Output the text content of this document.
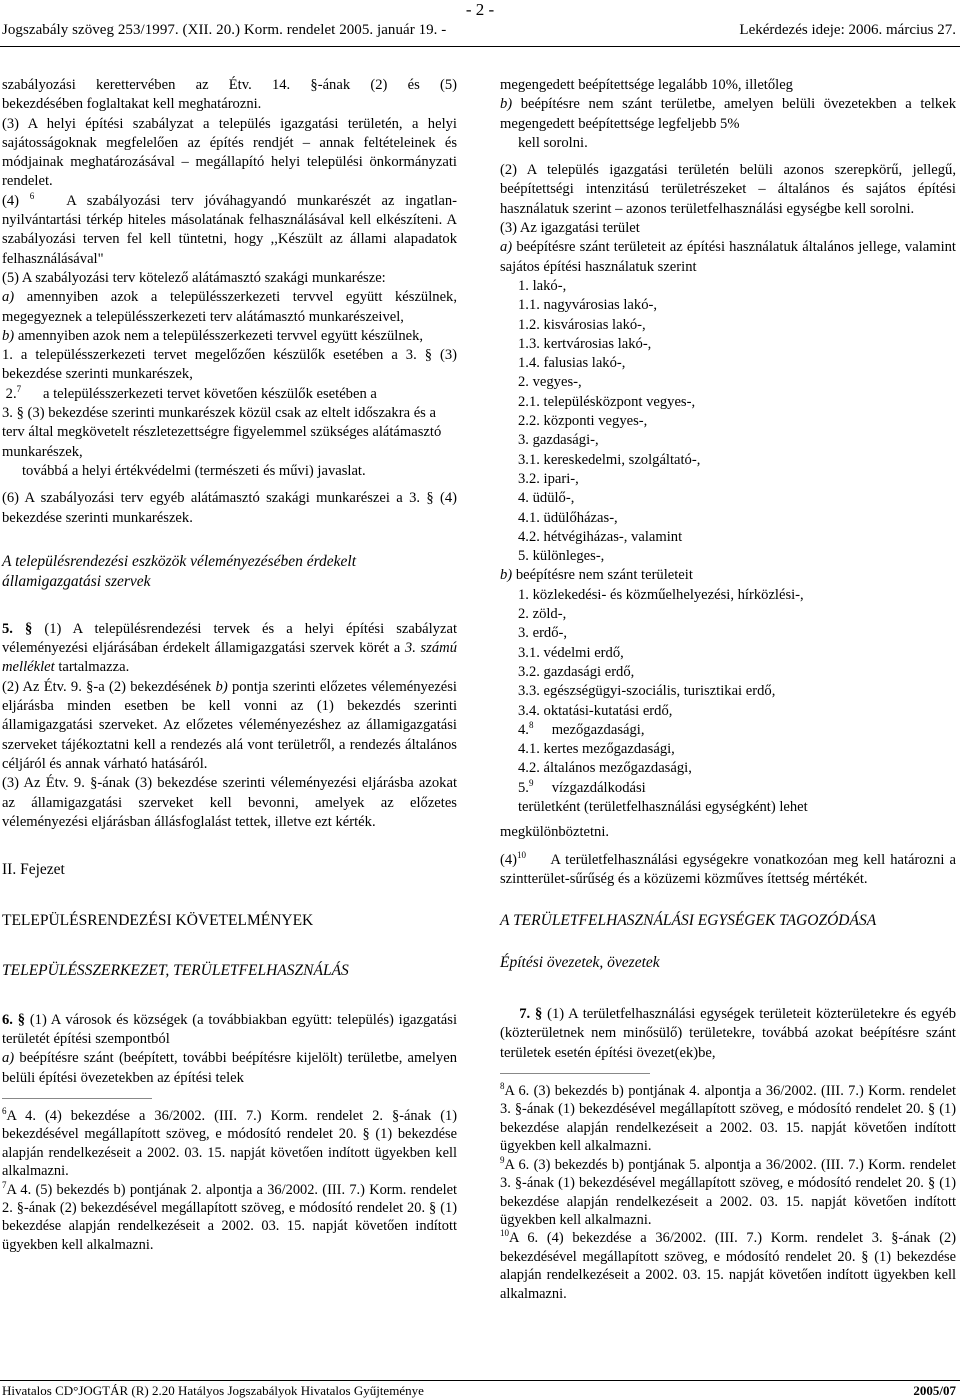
- 2 -
Jogszabály szöveg 253/1997. (XII. 20.) Korm. rendelet 2005. január 19. -	Lekérdezés ideje: 2006. március 27.

szabályozási kerettervében az Étv. 14. §-ának (2) és (5)

bekezdésében foglaltakat kell meghatározni.

(3) A helyi építési szabályzat a település igazgatási területén, a helyi sajátosságoknak megfelelően az építés rendjét – annak feltételeinek és módjainak meghatározásával – megállapító helyi települési önkormányzati rendelet.

(4) $^6$ A szabályozási terv jóváhagyandó munkarészét az ingatlan-nyilvántartási térkép hiteles másolatának felhasználásával kell elkészíteni. A szabályozási terven fel kell tüntetni, hogy ,,Készült az állami alapadatok felhasználásával"

(5) A szabályozási terv kötelező alátámasztó szakági munkarésze:

a) amennyiben azok a településszerkezeti tervvel együtt készülnek, megegyeznek a településszerkezeti terv alátámasztó munkarészeivel,

b) amennyiben azok nem a településszerkezeti tervvel együtt készülnek,

1. a településszerkezeti tervet megelőzően készülők esetében a 3. § (3) bekezdése szerinti munkarészek,

2.$^7$ a településszerkezeti tervet követően készülők esetében a

3. § (3) bekezdése szerinti munkarészek közül csak az eltelt időszakra és a terv által megkövetelt részletezettségre figyelemmel szükséges alátámasztó munkarészek,

továbbá a helyi értékvédelmi (természeti és művi) javaslat.

(6) A szabályozási terv egyéb alátámasztó szakági munkarészei a 3. § (4) bekezdése szerinti munkarészek.

A településrendezési eszközök véleményezésében érdekelt

államigazgatási szervek

5. § (1) A településrendezési tervek és a helyi építési szabályzat véleményezési eljárásában érdekelt államigazgatási szervek körét a 3. számú melléklet tartalmazza.

(2) Az Étv. 9. §-a (2) bekezdésének b) pontja szerinti előzetes véleményezési eljárásba minden esetben be kell vonni az (1) bekezdés szerinti államigazgatási szerveket. Az előzetes véleményezéshez az államigazgatási szerveket tájékoztatni kell a rendezés alá vont területről, a rendezés általános céljáról és annak várható hatásáról.

(3) Az Étv. 9. §-ának (3) bekezdése szerinti véleményezési eljárásba azokat az államigazgatási szerveket kell bevonni, amelyek az előzetes véleményezési eljárásban állásfoglalást tettek, illetve ezt kérték.

II. Fejezet

TELEPÜLÉSRENDEZÉSI KÖVETELMÉNYEK

TELEPÜLÉSSZERKEZET, TERÜLETFELHASZNÁLÁS

6. § (1) A városok és községek (a továbbiakban együtt: település) igazgatási területét építési szempontból

a) beépítésre szánt (beépített, további beépítésre kijelölt) területbe, amelyen belüli építési övezetekben az építési telek

$^6$A 4. (4) bekezdése a 36/2002. (III. 7.) Korm. rendelet 2. §-ának (1) bekezdésével megállapított szöveg, e módosító rendelet 20. § (1) bekezdése alapján rendelkezéseit a 2002. 03. 15. napját követően indított ügyekben kell alkalmazni.

$^7$A 4. (5) bekezdés b) pontjának 2. alpontja a 36/2002. (III. 7.) Korm. rendelet 2. §-ának (2) bekezdésével megállapított szöveg, e módosító rendelet 20. § (1) bekezdése alapján rendelkezéseit a 2002. 03. 15. napját követően indított ügyekben kell alkalmazni.

megengedett beépítettsége legalább 10%, illetőleg

b) beépítésre nem szánt területbe, amelyen belüli övezetekben a telkek megengedett beépítettsége legfeljebb 5%

kell sorolni.

(2) A település igazgatási területén belüli azonos szerepkörű, jellegű, beépítettségi intenzitású területrészeket – általános és sajátos építési használatuk szerint – azonos területfelhasználási egységbe kell sorolni.

(3) Az igazgatási terület

a) beépítésre szánt területeit az építési használatuk általános jellege, valamint sajátos építési használatuk szerint

1. lakó-,

1.1. nagyvárosias lakó-,

1.2. kisvárosias lakó-,

1.3. kertvárosias lakó-,

1.4. falusias lakó-,

2. vegyes-,

2.1. településközpont vegyes-,

2.2. központi vegyes-,

3. gazdasági-,

3.1. kereskedelmi, szolgáltató-,

3.2. ipari-,

4. üdülő-,

4.1. üdülőházas-,

4.2. hétvégiházas-, valamint

5. különleges-,

b) beépítésre nem szánt területeit

1. közlekedési- és közműelhelyezési, hírközlési-,

2. zöld-,

3. erdő-,

3.1. védelmi erdő,

3.2. gazdasági erdő,

3.3. egészségügyi-szociális, turisztikai erdő,

3.4. oktatási-kutatási erdő,

4.$^8$ mezőgazdasági,

4.1. kertes mezőgazdasági,

4.2. általános mezőgazdasági,

5.$^9$ vízgazdálkodási

területként (területfelhasználási egységként) lehet

megkülönböztetni.

$(4)^{10}$ A területfelhasználási egységekre vonatkozóan meg kell határozni a szintterület-sűrűség és a közüzemi közműves ítettség mértékét.

A TERÜLETFELHASZNÁLÁSI EGYSÉGEK TAGOZÓDÁSA

Építési övezetek, övezetek

7. § (1) A területfelhasználási egységek területeit közterületekre és egyéb (közterületnek nem minősülő) területekre, továbbá azokat beépítésre szánt területek esetén építési övezet(ek)be,

$^8$A 6. (3) bekezdés b) pontjának 4. alpontja a 36/2002. (III. 7.) Korm. rendelet 3. §-ának (1) bekezdésével megállapított szöveg, e módosító rendelet 20. § (1) bekezdése alapján rendelkezéseit a 2002. 03. 15. napját követően indított ügyekben kell alkalmazni.

$^9$A 6. (3) bekezdés b) pontjának 5. alpontja a 36/2002. (III. 7.) Korm. rendelet 3. §-ának (1) bekezdésével megállapított szöveg, e módosító rendelet 20. § (1) bekezdése alapján rendelkezéseit a 2002. 03. 15. napját követően indított ügyekben kell alkalmazni.

$^{10}$A 6. (4) bekezdése a 36/2002. (III. 7.) Korm. rendelet 3. §-ának (2) bekezdésével megállapított szöveg, e módosító rendelet 20. § (1) bekezdése alapján rendelkezéseit a 2002. 03. 15. napját követően indított ügyekben kell alkalmazni.

Hivatalos CD°JOGTÁR (R) 2.20 Hatályos Jogszabályok Hivatalos Gyűjteménye	2005/07
